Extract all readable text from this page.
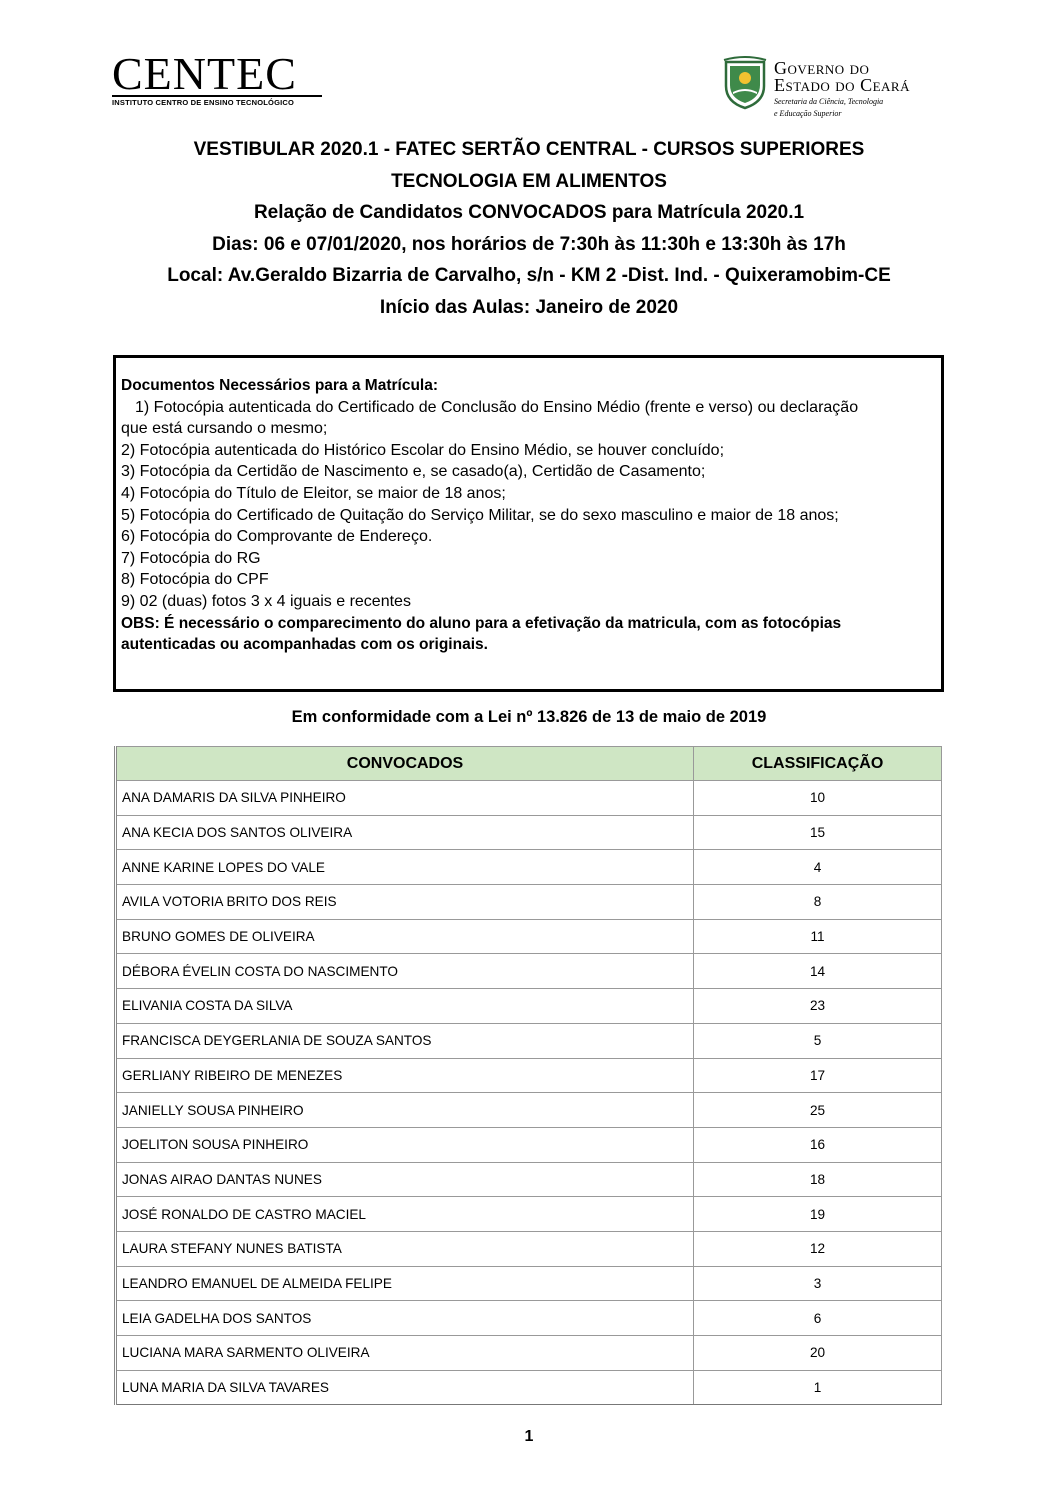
CENTEC
INSTITUTO CENTRO DE ENSINO TECNOLÓGICO
Governo do
Estado do Ceará
Secretaria da Ciência, Tecnologia
e Educação Superior
VESTIBULAR 2020.1 - FATEC SERTÃO CENTRAL - CURSOS SUPERIORES
TECNOLOGIA EM ALIMENTOS
Relação de Candidatos CONVOCADOS para Matrícula 2020.1
Dias: 06 e 07/01/2020, nos horários de 7:30h às 11:30h e 13:30h às 17h
Local: Av.Geraldo Bizarria de Carvalho, s/n - KM 2 -Dist. Ind. - Quixeramobim-CE
Início das Aulas: Janeiro de 2020
Documentos Necessários para a Matrícula:
1) Fotocópia autenticada do Certificado de Conclusão do Ensino Médio (frente e verso) ou declaração
que está cursando o mesmo;
2) Fotocópia autenticada do Histórico Escolar do Ensino Médio, se houver concluído;
3) Fotocópia da Certidão de Nascimento e, se casado(a), Certidão de Casamento;
4) Fotocópia do Título de Eleitor, se maior de 18 anos;
5) Fotocópia do Certificado de Quitação do Serviço Militar, se do sexo masculino e maior de 18 anos;
6) Fotocópia do Comprovante de Endereço.
7) Fotocópia do RG
8) Fotocópia do CPF
9) 02 (duas) fotos 3 x 4 iguais e recentes
OBS: É necessário o comparecimento do aluno para a efetivação da matricula, com as fotocópias
autenticadas ou acompanhadas com os originais.
Em conformidade com a Lei nº 13.826 de 13 de maio de 2019
CONVOCADOS	CLASSIFICAÇÃO
ANA DAMARIS DA SILVA PINHEIRO	10
ANA KECIA DOS SANTOS OLIVEIRA	15
ANNE KARINE LOPES DO VALE	4
AVILA VOTORIA BRITO DOS REIS	8
BRUNO GOMES DE OLIVEIRA	11
DÉBORA ÉVELIN COSTA DO NASCIMENTO	14
ELIVANIA COSTA DA SILVA	23
FRANCISCA DEYGERLANIA DE SOUZA SANTOS	5
GERLIANY RIBEIRO DE MENEZES	17
JANIELLY SOUSA PINHEIRO	25
JOELITON SOUSA PINHEIRO	16
JONAS AIRAO DANTAS NUNES	18
JOSÉ RONALDO DE CASTRO MACIEL	19
LAURA STEFANY NUNES BATISTA	12
LEANDRO EMANUEL DE ALMEIDA FELIPE	3
LEIA GADELHA DOS SANTOS	6
LUCIANA MARA SARMENTO OLIVEIRA	20
LUNA MARIA DA SILVA TAVARES	1
1
